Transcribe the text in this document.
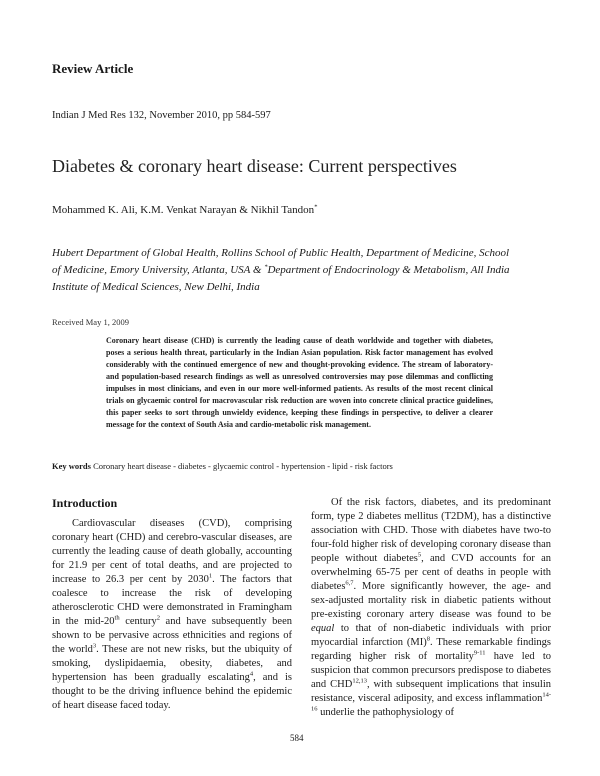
Review Article
Indian J Med Res 132, November 2010, pp 584-597
Diabetes & coronary heart disease: Current perspectives
Mohammed K. Ali, K.M. Venkat Narayan & Nikhil Tandon*
Hubert Department of Global Health, Rollins School of Public Health, Department of Medicine, School of Medicine, Emory University, Atlanta, USA & *Department of Endocrinology & Metabolism, All India Institute of Medical Sciences, New Delhi, India
Received May 1, 2009
Coronary heart disease (CHD) is currently the leading cause of death worldwide and together with diabetes, poses a serious health threat, particularly in the Indian Asian population. Risk factor management has evolved considerably with the continued emergence of new and thought-provoking evidence. The stream of laboratory- and population-based research findings as well as unresolved controversies may pose dilemmas and conflicting impulses in most clinicians, and even in our more well-informed patients. As results of the most recent clinical trials on glycaemic control for macrovascular risk reduction are woven into concrete clinical practice guidelines, this paper seeks to sort through unwieldy evidence, keeping these findings in perspective, to deliver a clearer message for the context of South Asia and cardio-metabolic risk management.
Key words Coronary heart disease - diabetes - glycaemic control - hypertension - lipid - risk factors
Introduction

Cardiovascular diseases (CVD), comprising coronary heart (CHD) and cerebro-vascular diseases, are currently the leading cause of death globally, accounting for 21.9 per cent of total deaths, and are projected to increase to 26.3 per cent by 2030$^1$. The factors that coalesce to increase the risk of developing atherosclerotic CHD were demonstrated in Framingham in the mid-20th century$^2$ and have subsequently been shown to be pervasive across ethnicities and regions of the world$^3$. These are not new risks, but the ubiquity of smoking, dyslipidaemia, obesity, diabetes, and hypertension has been gradually escalating$^4$, and is thought to be the driving influence behind the epidemic of heart disease faced today.

Of the risk factors, diabetes, and its predominant form, type 2 diabetes mellitus (T2DM), has a distinctive association with CHD. Those with diabetes have two-to four-fold higher risk of developing coronary disease than people without diabetes$^5$, and CVD accounts for an overwhelming 65-75 per cent of deaths in people with diabetes$^{6,7}$. More significantly however, the age- and sex-adjusted mortality risk in diabetic patients without pre-existing coronary artery disease was found to be equal to that of non-diabetic individuals with prior myocardial infarction (MI)$^8$. These remarkable findings regarding higher risk of mortality$^{9-11}$ have led to suspicion that common precursors predispose to diabetes and CHD$^{12,13}$, with subsequent implications that insulin resistance, visceral adiposity, and excess inflammation$^{14-16}$ underlie the pathophysiology of

584
